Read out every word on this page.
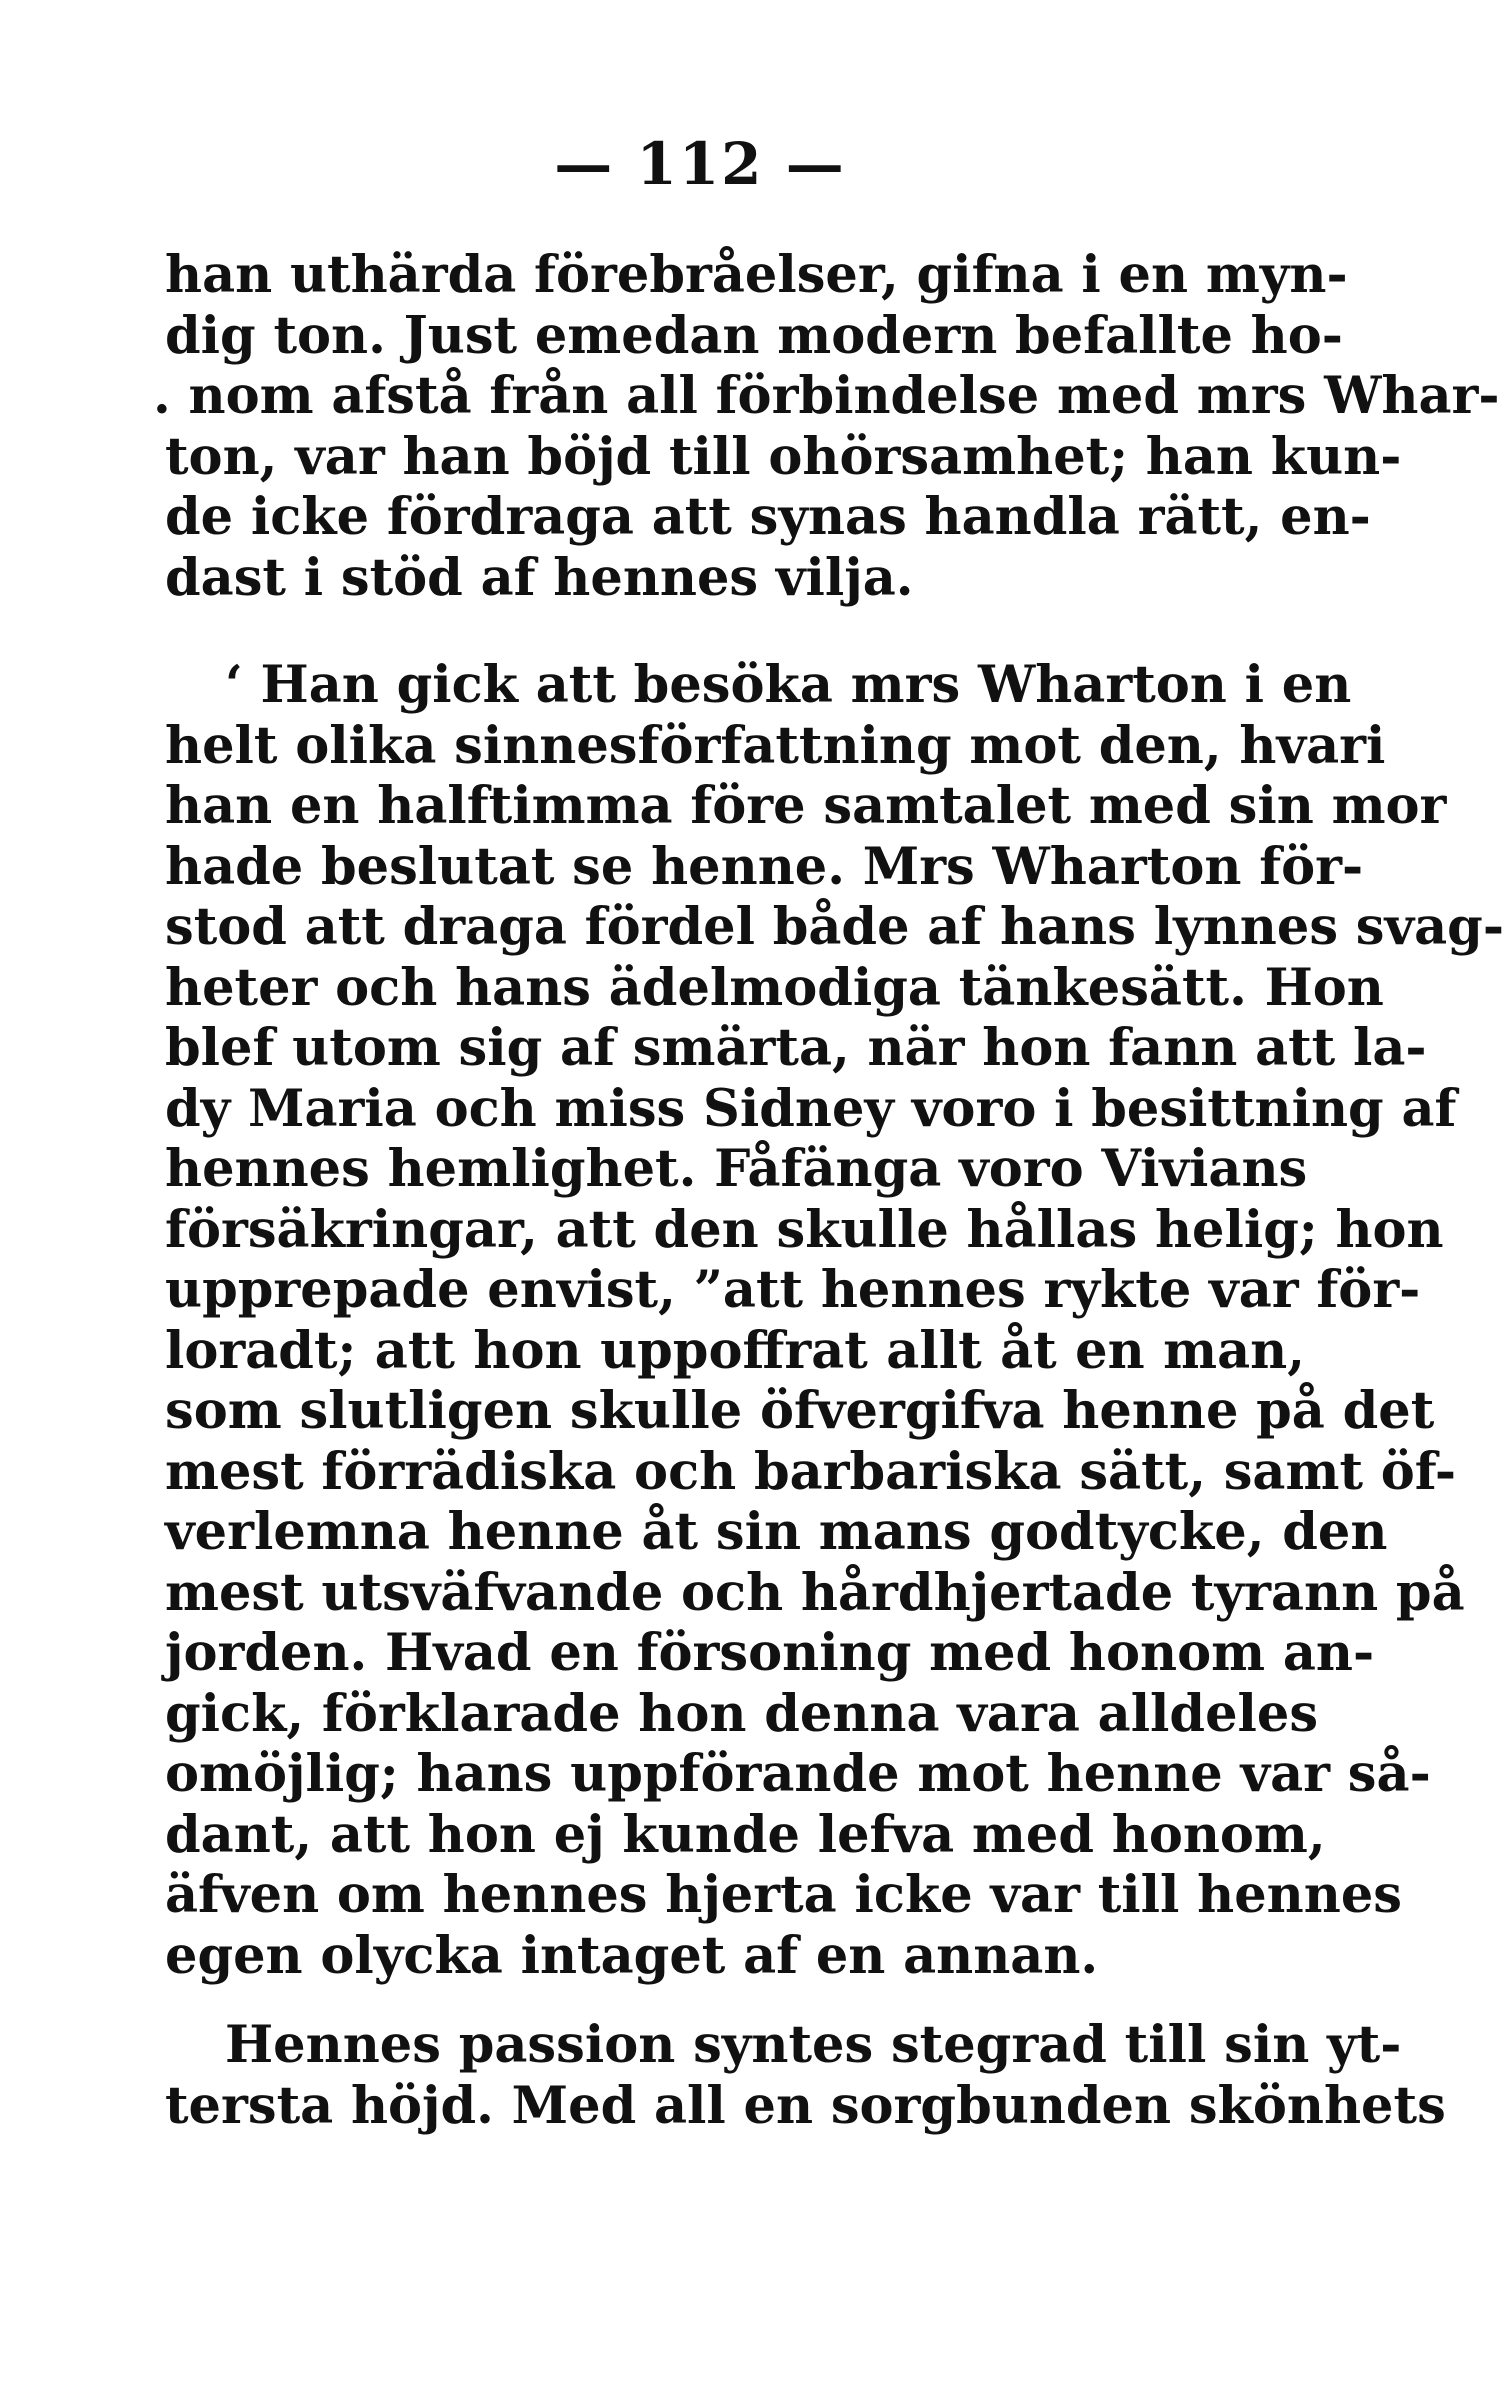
— 112 —
han uthärda förebråelser, gifna i en myn-
dig ton. Just emedan modern befallte ho-
. nom afstå från all förbindelse med mrs Whar-
ton, var han böjd till ohörsamhet; han kun-
de icke fördraga att synas handla rätt, en-
dast i stöd af hennes vilja.
‘ Han gick att besöka mrs Wharton i en
helt olika sinnesförfattning mot den, hvari
han en halftimma före samtalet med sin mor
hade beslutat se henne. Mrs Wharton för-
stod att draga fördel både af hans lynnes svag-
heter och hans ädelmodiga tänkesätt. Hon
blef utom sig af smärta, när hon fann att la-
dy Maria och miss Sidney voro i besittning af
hennes hemlighet. Fåfänga voro Vivians
försäkringar, att den skulle hållas helig; hon
upprepade envist, ”att hennes rykte var för-
loradt; att hon uppoffrat allt åt en man,
som slutligen skulle öfvergifva henne på det
mest förrädiska och barbariska sätt, samt öf-
verlemna henne åt sin mans godtycke, den
mest utsväfvande och hårdhjertade tyrann på
jorden. Hvad en försoning med honom an-
gick, förklarade hon denna vara alldeles
omöjlig; hans uppförande mot henne var så-
dant, att hon ej kunde lefva med honom,
äfven om hennes hjerta icke var till hennes
egen olycka intaget af en annan.
Hennes passion syntes stegrad till sin yt-
tersta höjd. Med all en sorgbunden skönhets
